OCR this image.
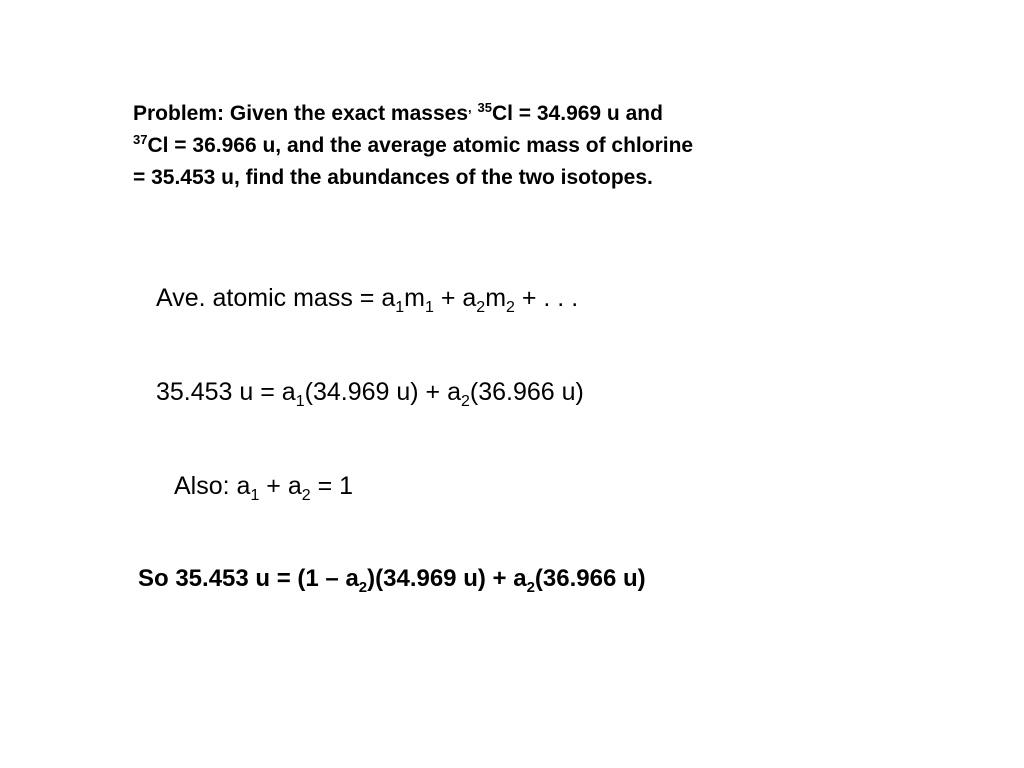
Problem: Given the exact masses, $^{35}$Cl = 34.969 u and
$^{37}$Cl = 36.966 u, and the average atomic mass of chlorine
= 35.453 u, find the abundances of the two isotopes.
Ave. atomic mass = $a_1m_1 + a_2m_2$ + . . .
35.453 $u = a_1(34.969$ $u) + a_2(36.966$ u)
Also: $a_1 + a_2 = 1$
So 35.453 $u = (1 - a_2)(34.969$ $u) + a_2(36.966$ u)
